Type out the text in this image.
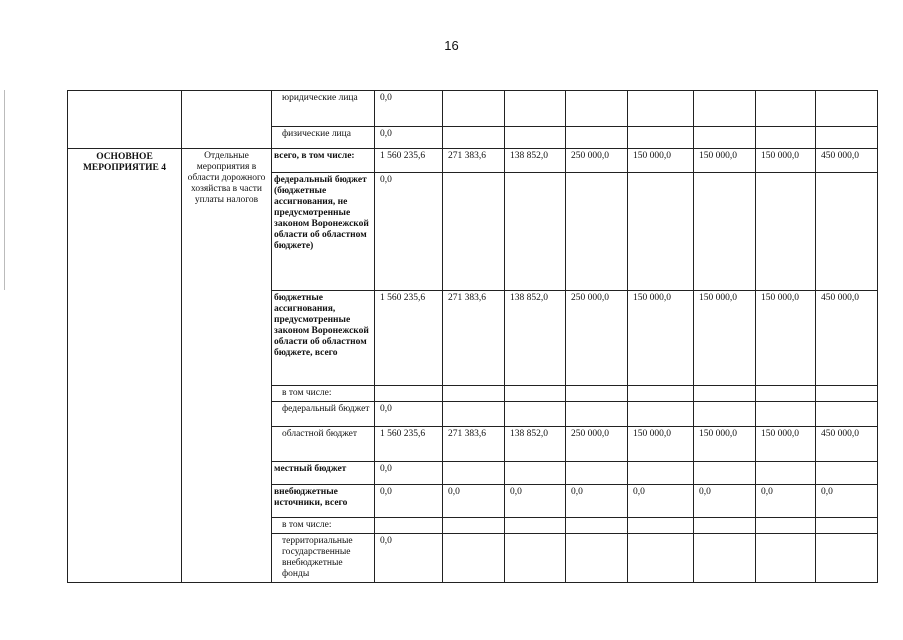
16
		юридические лица	0,0							
		физические лица	0,0							
ОСНОВНОЕ МЕРОПРИЯТИЕ 4	Отдельные мероприятия в области дорожного хозяйства в части уплаты налогов	всего, в том числе:	1 560 235,6	271 383,6	138 852,0	250 000,0	150 000,0	150 000,0	150 000,0	450 000,0
		федеральный бюджет (бюджетные ассигнования, не предусмотренные законом Воронежской области об областном бюджете)	0,0							
		бюджетные ассигнования, предусмотренные законом Воронежской области об областном бюджете, всего	1 560 235,6	271 383,6	138 852,0	250 000,0	150 000,0	150 000,0	150 000,0	450 000,0
		в том числе:								
		федеральный бюджет	0,0							
		областной бюджет	1 560 235,6	271 383,6	138 852,0	250 000,0	150 000,0	150 000,0	150 000,0	450 000,0
		местный бюджет	0,0							
		внебюджетные источники, всего	0,0	0,0	0,0	0,0	0,0	0,0	0,0	0,0
		в том числе:								
		территориальные государственные внебюджетные фонды	0,0							
